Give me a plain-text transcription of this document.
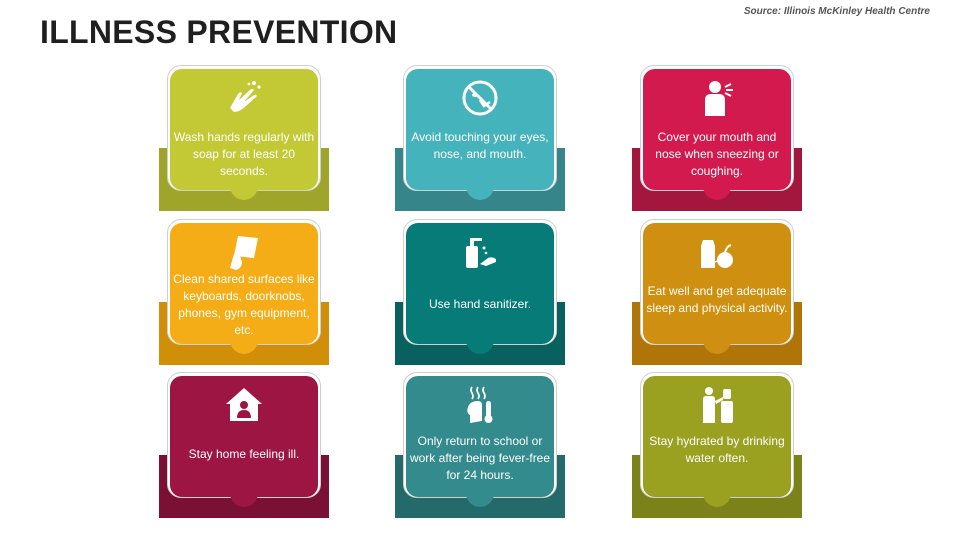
ILLNESS PREVENTION
Source: Illinois McKinley Health Centre
Wash hands regularly with soap for at least 20 seconds.
Avoid touching your eyes, nose, and mouth.
Cover your mouth and nose when sneezing or coughing.
Clean shared surfaces like keyboards, doorknobs, phones, gym equipment, etc.
Use hand sanitizer.
Eat well and get adequate sleep and physical activity.
Stay home feeling ill.
Only return to school or work after being fever-free for 24 hours.
Stay hydrated by drinking water often.
